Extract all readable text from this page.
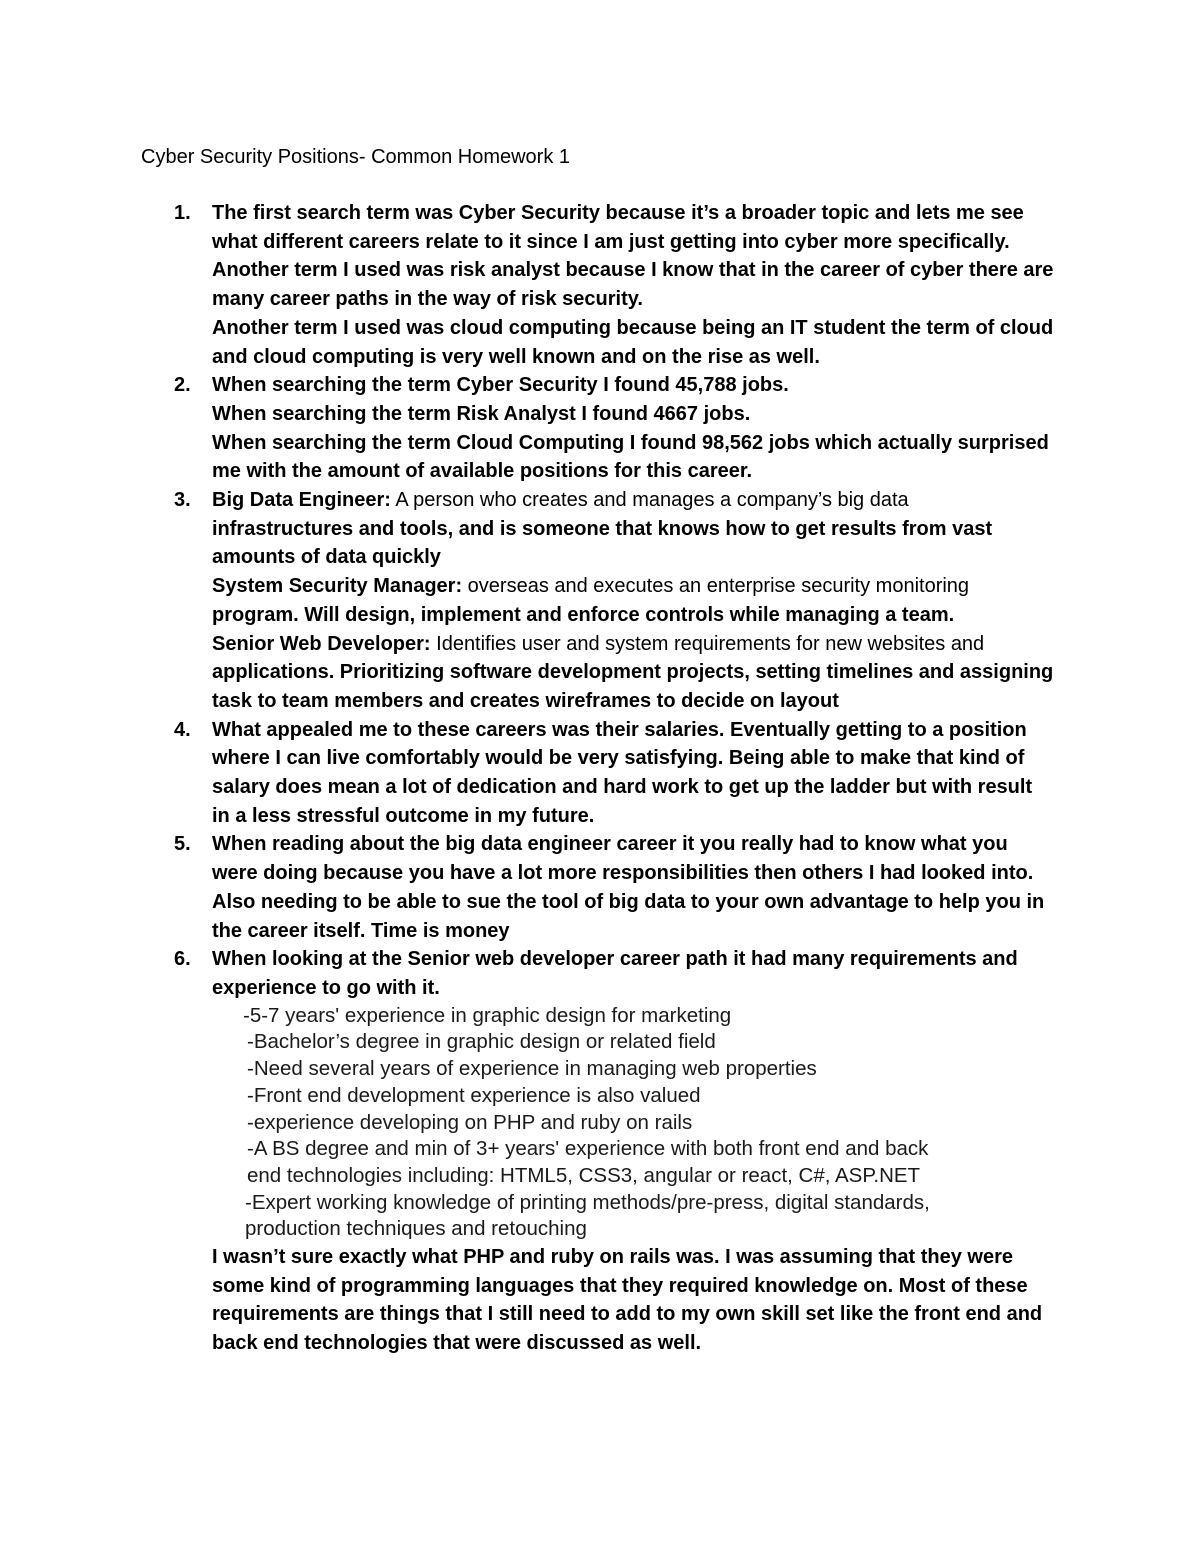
Cyber Security Positions- Common Homework 1
1. The first search term was Cyber Security because it’s a broader topic and lets me see
what different careers relate to it since I am just getting into cyber more specifically.
Another term I used was risk analyst because I know that in the career of cyber there are
many career paths in the way of risk security.
Another term I used was cloud computing because being an IT student the term of cloud
and cloud computing is very well known and on the rise as well.
2. When searching the term Cyber Security I found 45,788 jobs.
When searching the term Risk Analyst I found 4667 jobs.
When searching the term Cloud Computing I found 98,562 jobs which actually surprised
me with the amount of available positions for this career.
3. Big Data Engineer: A person who creates and manages a company’s big data
infrastructures and tools, and is someone that knows how to get results from vast
amounts of data quickly
System Security Manager: overseas and executes an enterprise security monitoring
program. Will design, implement and enforce controls while managing a team.
Senior Web Developer: Identifies user and system requirements for new websites and
applications. Prioritizing software development projects, setting timelines and assigning
task to team members and creates wireframes to decide on layout
4. What appealed me to these careers was their salaries. Eventually getting to a position
where I can live comfortably would be very satisfying. Being able to make that kind of
salary does mean a lot of dedication and hard work to get up the ladder but with result
in a less stressful outcome in my future.
5. When reading about the big data engineer career it you really had to know what you
were doing because you have a lot more responsibilities then others I had looked into.
Also needing to be able to sue the tool of big data to your own advantage to help you in
the career itself. Time is money
6. When looking at the Senior web developer career path it had many requirements and
experience to go with it.
-5-7 years' experience in graphic design for marketing
-Bachelor’s degree in graphic design or related field
-Need several years of experience in managing web properties
-Front end development experience is also valued
-experience developing on PHP and ruby on rails
-A BS degree and min of 3+ years' experience with both front end and back
end technologies including: HTML5, CSS3, angular or react, C#, ASP.NET
-Expert working knowledge of printing methods/pre-press, digital standards,
production techniques and retouching
I wasn’t sure exactly what PHP and ruby on rails was. I was assuming that they were
some kind of programming languages that they required knowledge on. Most of these
requirements are things that I still need to add to my own skill set like the front end and
back end technologies that were discussed as well.
